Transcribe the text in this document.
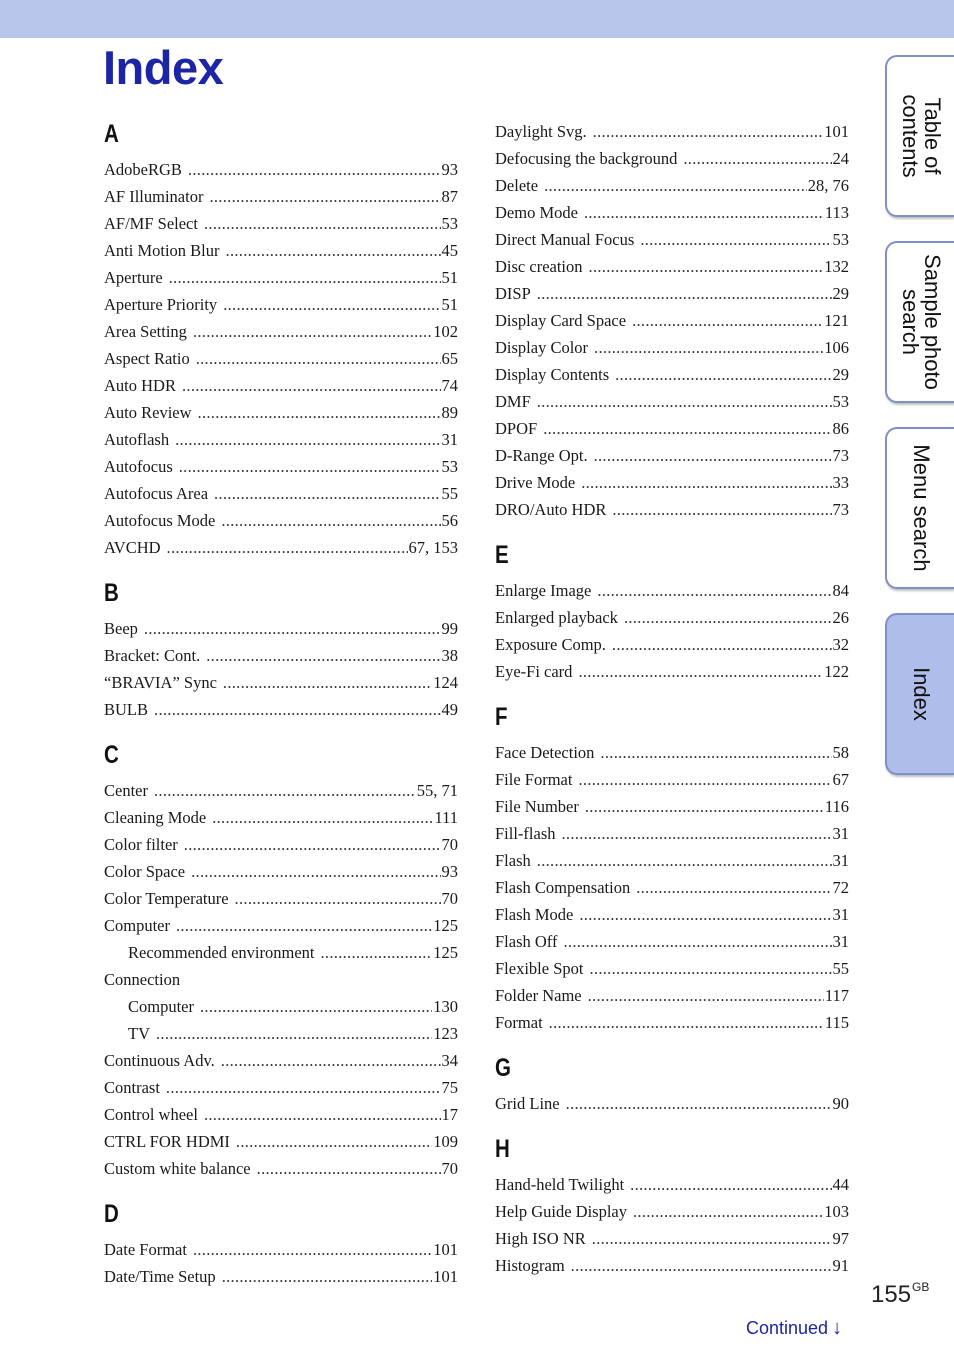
Index
A
AdobeRGB .....	93
AF Illuminator .....	87
AF/MF Select .....	53
Anti Motion Blur .....	45
Aperture .....	51
Aperture Priority .....	51
Area Setting .....	102
Aspect Ratio .....	65
Auto HDR .....	74
Auto Review .....	89
Autoflash .....	31
Autofocus .....	53
Autofocus Area .....	55
Autofocus Mode .....	56
AVCHD .....	67, 153
B
Beep .....	99
Bracket: Cont. .....	38
“BRAVIA” Sync .....	124
BULB .....	49
C
Center .....	55, 71
Cleaning Mode .....	111
Color filter .....	70
Color Space .....	93
Color Temperature .....	70
Computer .....	125
Recommended environment .....	125
Connection
Computer .....	130
TV .....	123
Continuous Adv. .....	34
Contrast .....	75
Control wheel .....	17
CTRL FOR HDMI .....	109
Custom white balance .....	70
D
Date Format .....	101
Date/Time Setup .....	101
Daylight Svg. .....	101
Defocusing the background .....	24
Delete .....	28, 76
Demo Mode .....	113
Direct Manual Focus .....	53
Disc creation .....	132
DISP .....	29
Display Card Space .....	121
Display Color .....	106
Display Contents .....	29
DMF .....	53
DPOF .....	86
D-Range Opt. .....	73
Drive Mode .....	33
DRO/Auto HDR .....	73
E
Enlarge Image .....	84
Enlarged playback .....	26
Exposure Comp. .....	32
Eye-Fi card .....	122
F
Face Detection .....	58
File Format .....	67
File Number .....	116
Fill-flash .....	31
Flash .....	31
Flash Compensation .....	72
Flash Mode .....	31
Flash Off .....	31
Flexible Spot .....	55
Folder Name .....	117
Format .....	115
G
Grid Line .....	90
H
Hand-held Twilight .....	44
Help Guide Display .....	103
High ISO NR .....	97
Histogram .....	91
Table of
contents
Sample photo
search
Menu search
Index
$155^{GB}$
Continued ↓
